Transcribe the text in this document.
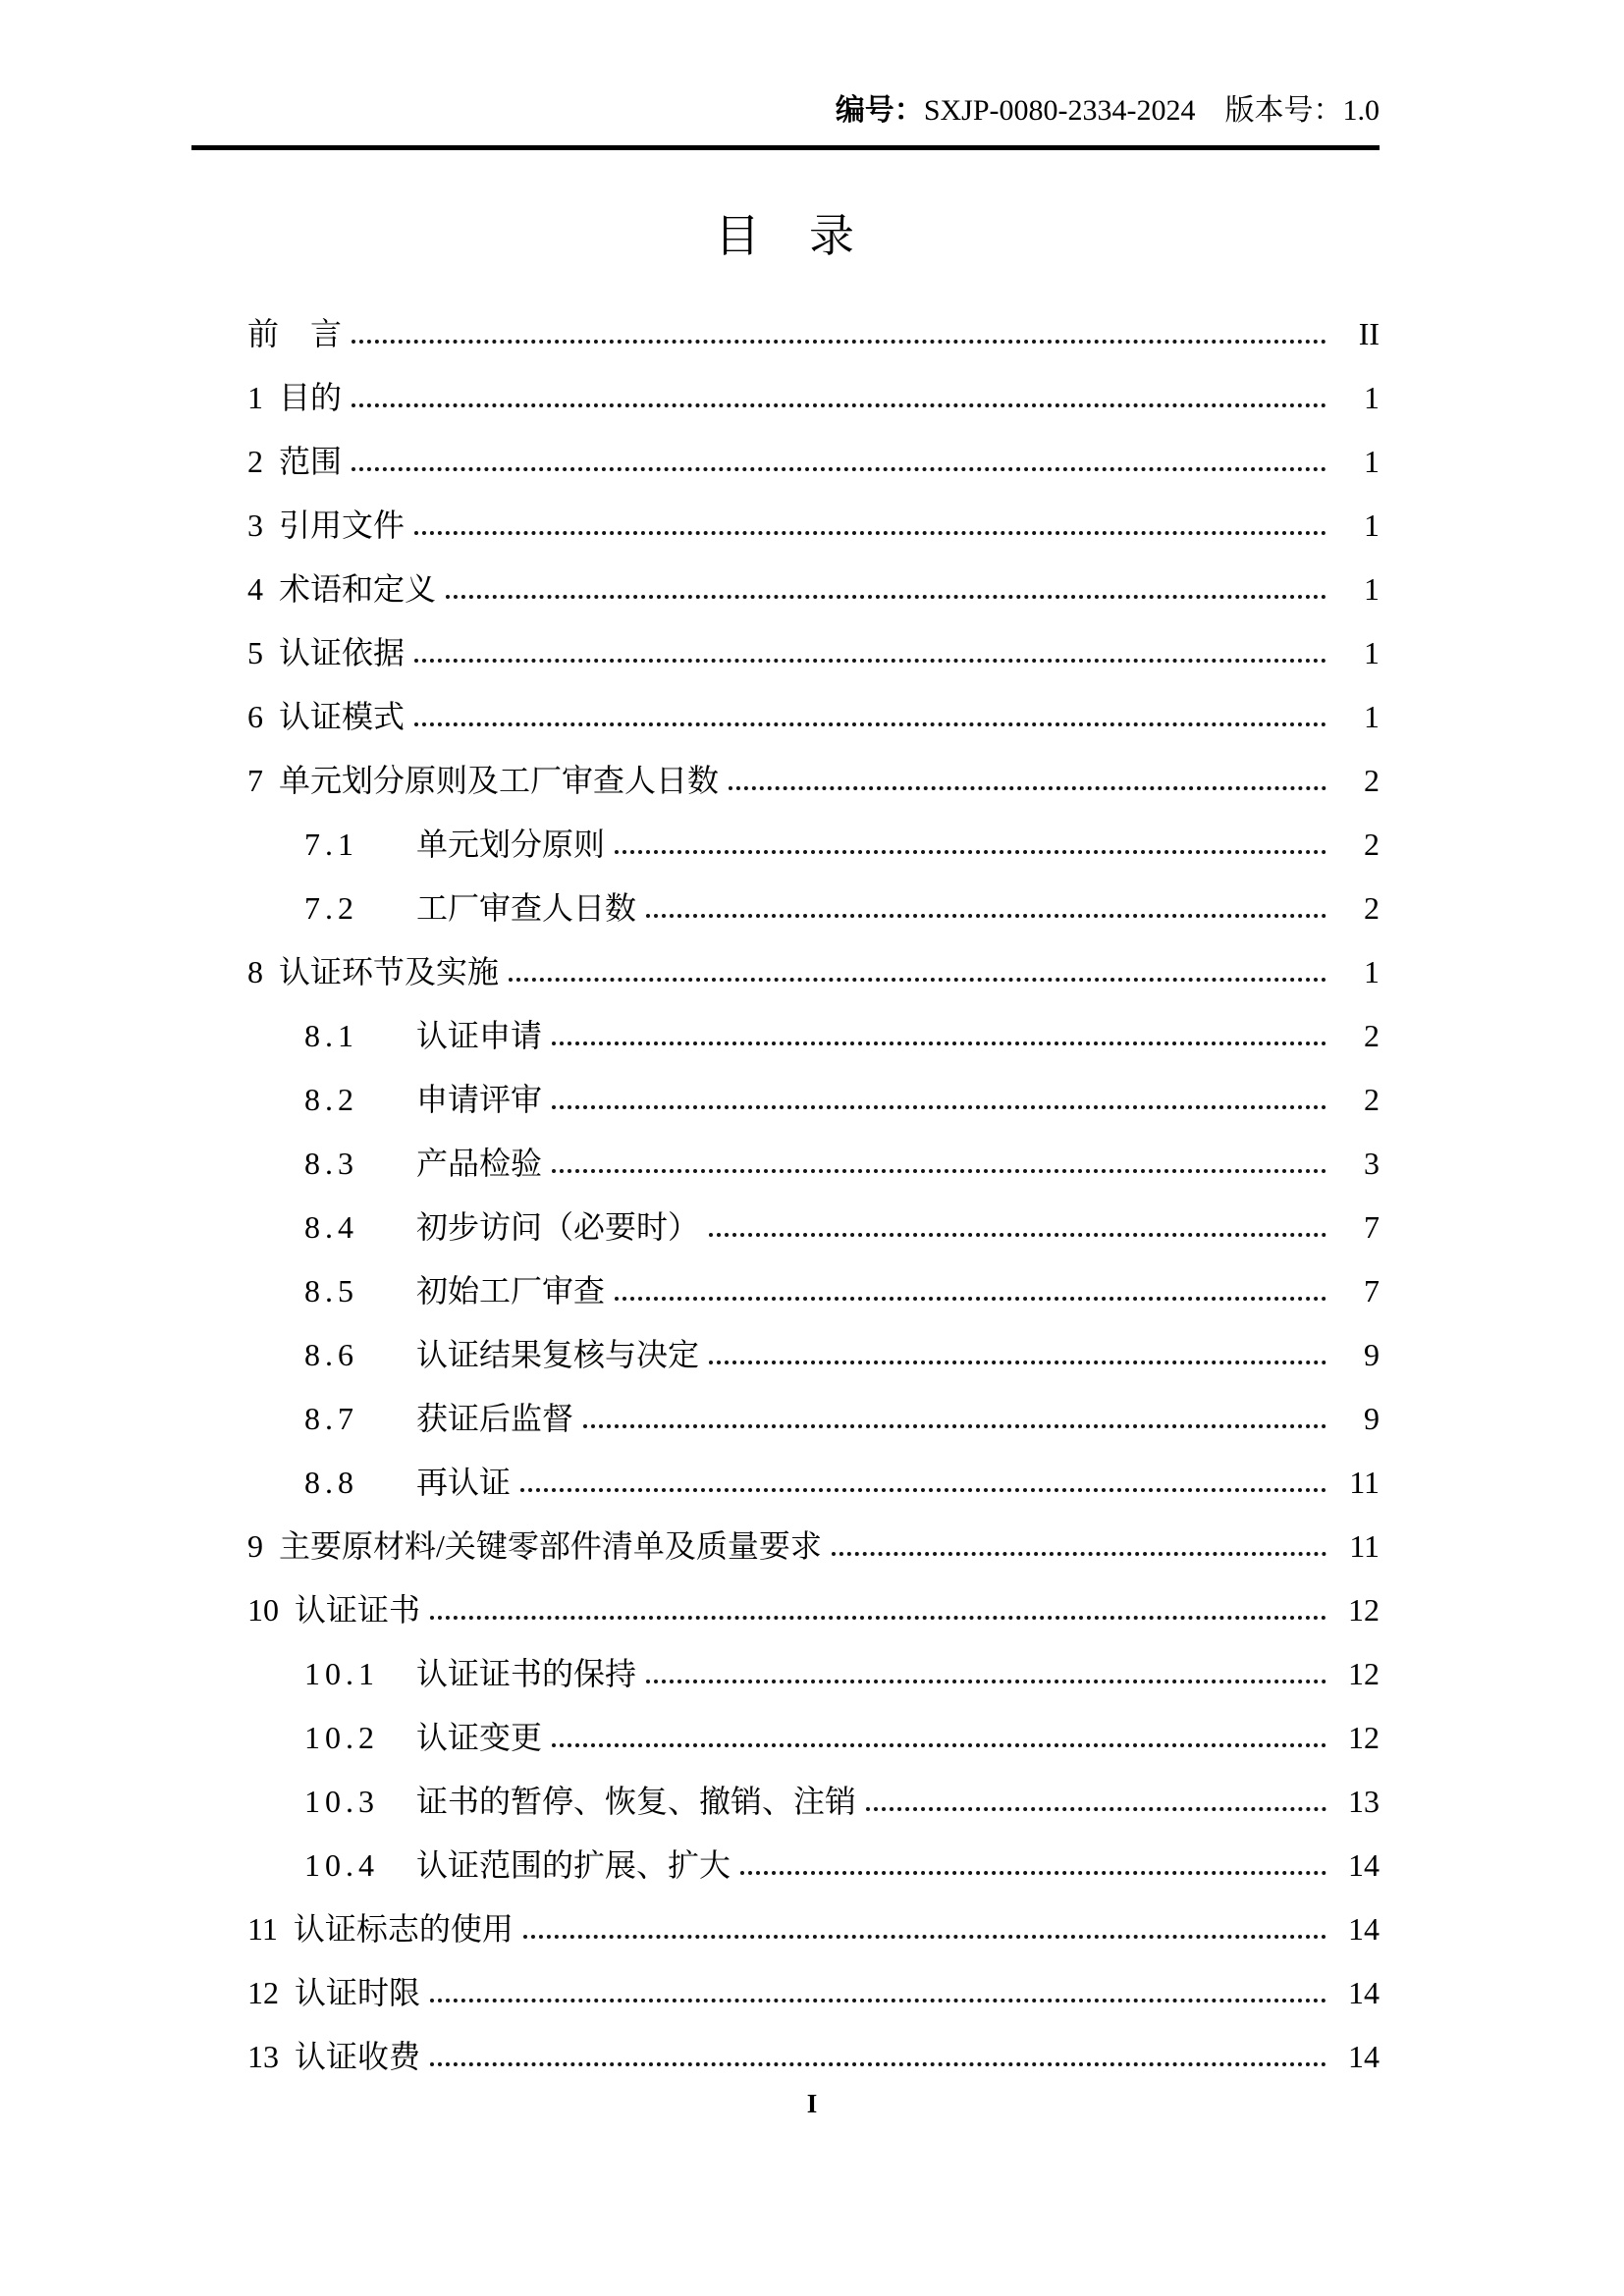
编号： SXJP-0080-2334-2024 版本号： 1.0
目　录
前　言	II
1 目的	1
2 范围	1
3 引用文件	1
4 术语和定义	1
5 认证依据	1
6 认证模式	1
7 单元划分原则及工厂审查人日数	2
7.1	单元划分原则	2
7.2	工厂审查人日数	2
8 认证环节及实施	1
8.1	认证申请	2
8.2	申请评审	2
8.3	产品检验	3
8.4	初步访问（必要时）	7
8.5	初始工厂审查	7
8.6	认证结果复核与决定	9
8.7	获证后监督	9
8.8	再认证	11
9 主要原材料/关键零部件清单及质量要求	11
10 认证证书	12
10.1	认证证书的保持	12
10.2	认证变更	12
10.3	证书的暂停、恢复、撤销、注销	13
10.4	认证范围的扩展、扩大	14
11 认证标志的使用	14
12 认证时限	14
13 认证收费	14
I
